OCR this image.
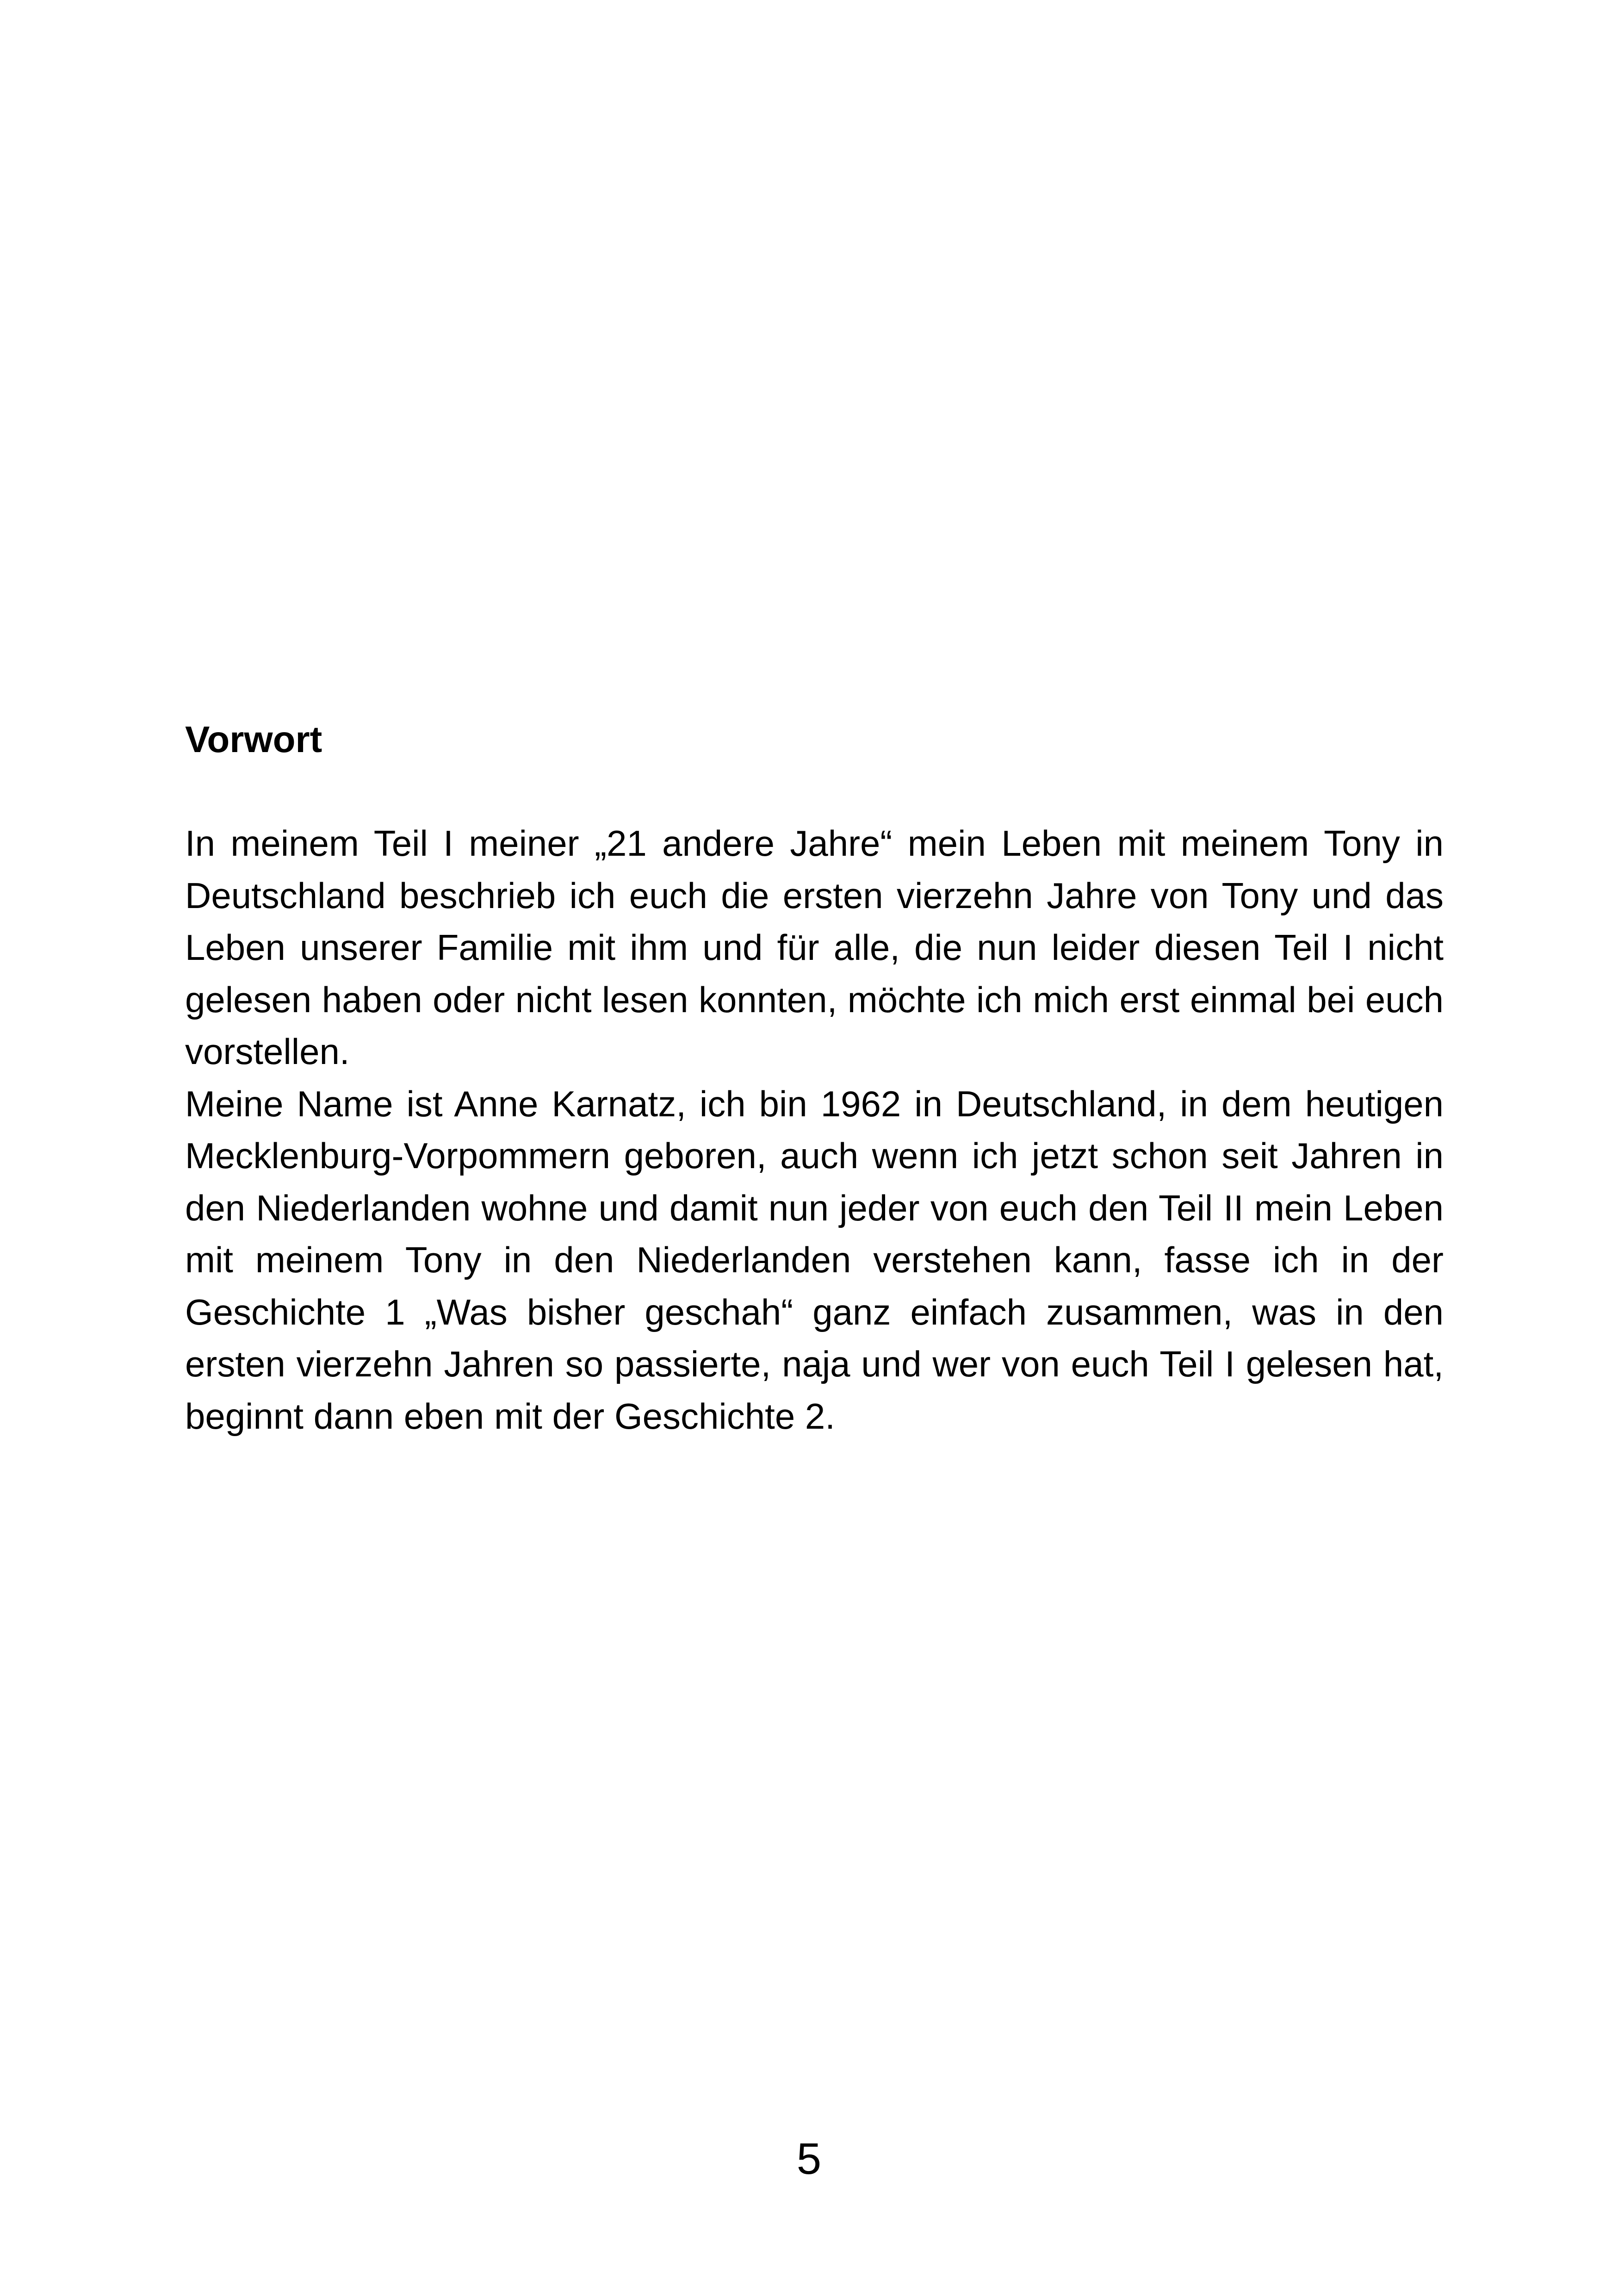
Vorwort

In meinem Teil I meiner „21 andere Jahre“ mein Leben mit meinem Tony in Deutschland beschrieb ich euch die ersten vierzehn Jahre von Tony und das Leben unserer Familie mit ihm und für alle, die nun leider diesen Teil I nicht gelesen haben oder nicht lesen konnten, möchte ich mich erst einmal bei euch vorstellen.

Meine Name ist Anne Karnatz, ich bin 1962 in Deutschland, in dem heutigen Mecklenburg-Vorpommern geboren, auch wenn ich jetzt schon seit Jahren in den Niederlanden wohne und damit nun jeder von euch den Teil II mein Leben mit meinem Tony in den Niederlanden verstehen kann, fasse ich in der Geschichte 1 „Was bisher geschah“ ganz einfach zusammen, was in den ersten vierzehn Jahren so passierte, naja und wer von euch Teil I gelesen hat, beginnt dann eben mit der Geschichte 2.

5
